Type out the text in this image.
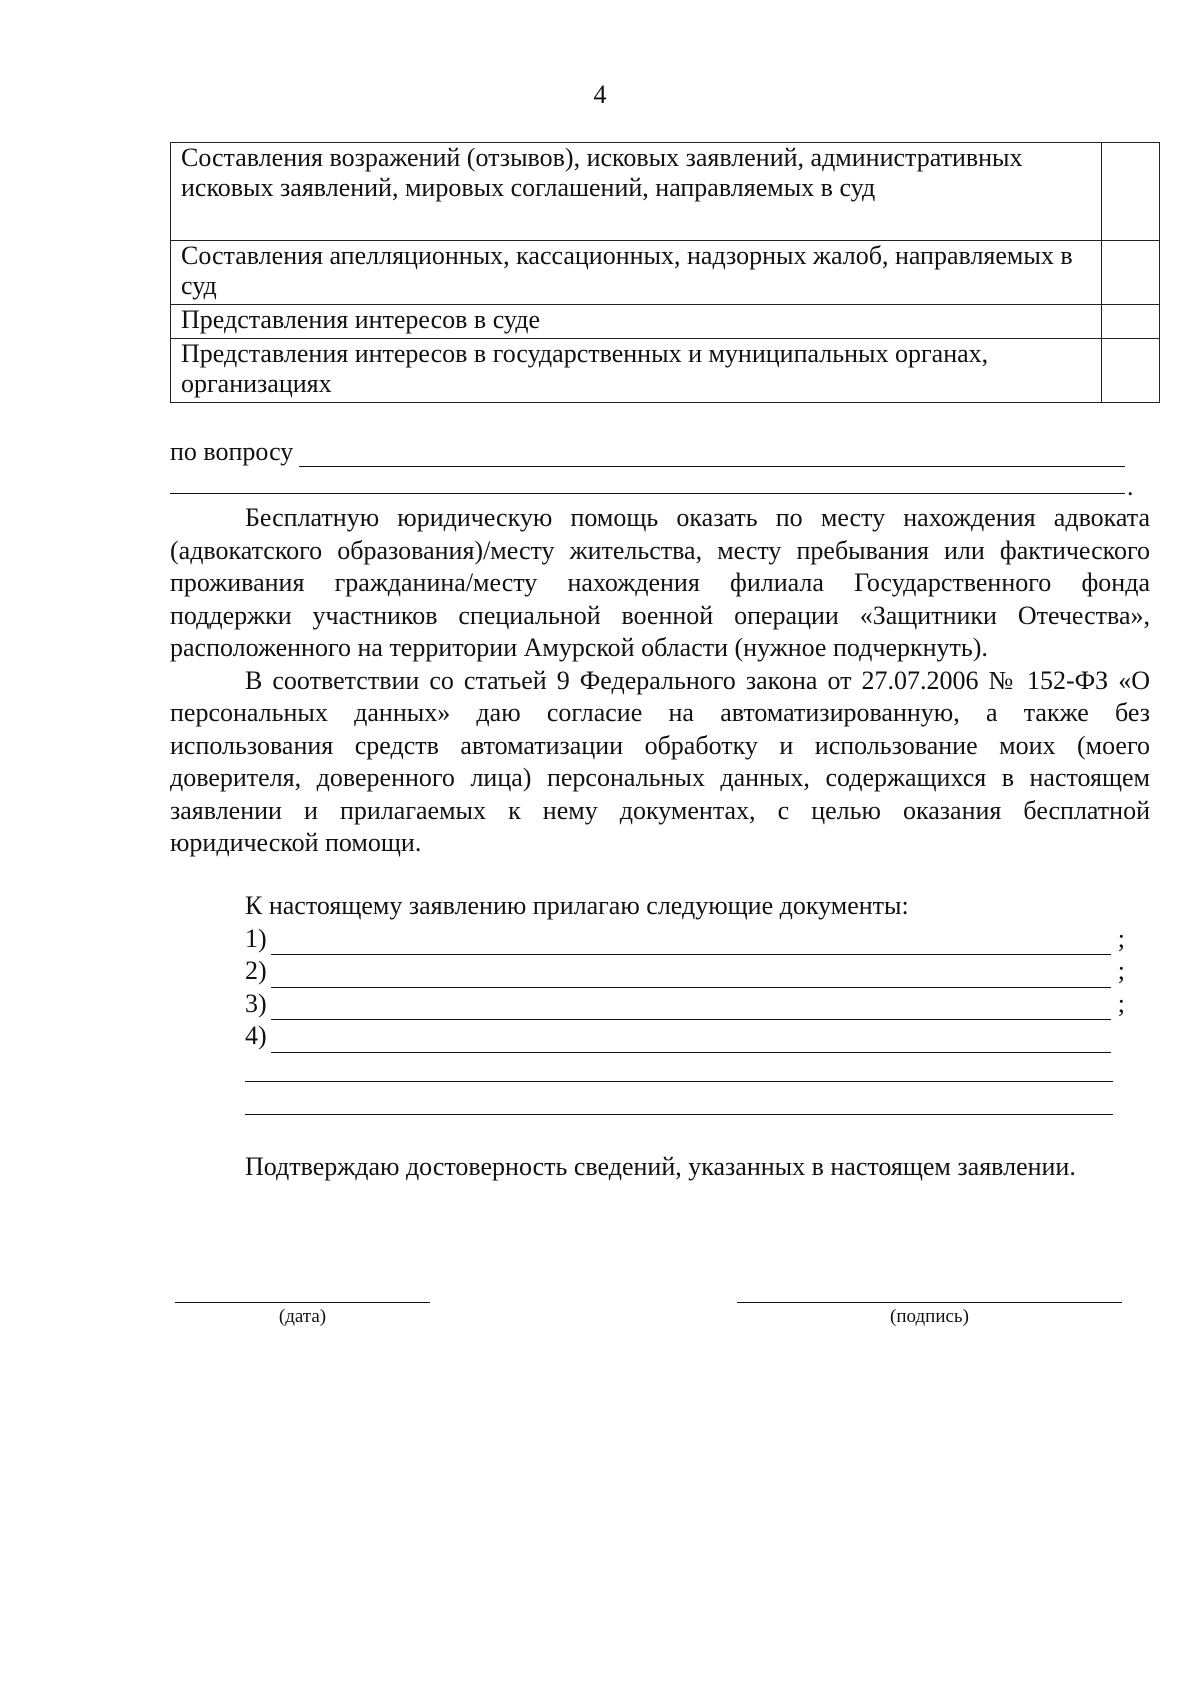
4
Составления возражений (отзывов), исковых заявлений, административных исковых заявлений, мировых соглашений, направляемых в суд	
Составления апелляционных, кассационных, надзорных жалоб, направляемых в суд	
Представления интересов в суде	
Представления интересов в государственных и муниципальных органах, организациях	
по вопросу
.

Бесплатную юридическую помощь оказать по месту нахождения адвоката (адвокатского образования)/месту жительства, месту пребывания или фактического проживания гражданина/месту нахождения филиала Государственного фонда поддержки участников специальной военной операции «Защитники Отечества», расположенного на территории Амурской области (нужное подчеркнуть).

В соответствии со статьей 9 Федерального закона от 27.07.2006 № 152-ФЗ «О персональных данных» даю согласие на автоматизированную, а также без использования средств автоматизации обработку и использование моих (моего доверителя, доверенного лица) персональных данных, содержащихся в настоящем заявлении и прилагаемых к нему документах, с целью оказания бесплатной юридической помощи.

К настоящему заявлению прилагаю следующие документы:

1)	;
2)	;
3)	;
4)
Подтверждаю достоверность сведений, указанных в настоящем заявлении.
(дата)	(подпись)
